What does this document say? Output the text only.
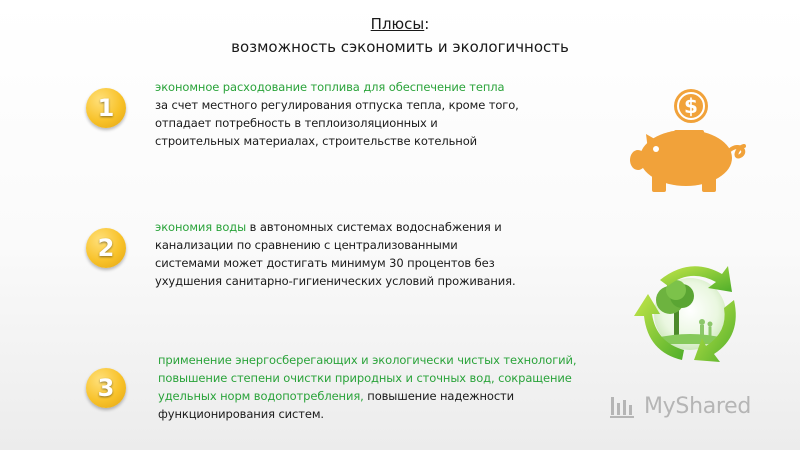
Плюсы:
возможность сэкономить и экологичность
1
экономное расходование топлива для обеспечение тепла
за счет местного регулирования отпуска тепла, кроме того,
отпадает потребность в теплоизоляционных и
строительных материалах, строительстве котельной
2
экономия воды в автономных системах водоснабжения и
канализации по сравнению с централизованными
системами может достигать минимум 30 процентов без
ухудшения санитарно-гигиенических условий проживания.
3
применение энергосберегающих и экологически чистых технологий,
повышение степени очистки природных и сточных вод, сокращение
удельных норм водопотребления, повышение надежности
функционирования систем.
$
MyShared
